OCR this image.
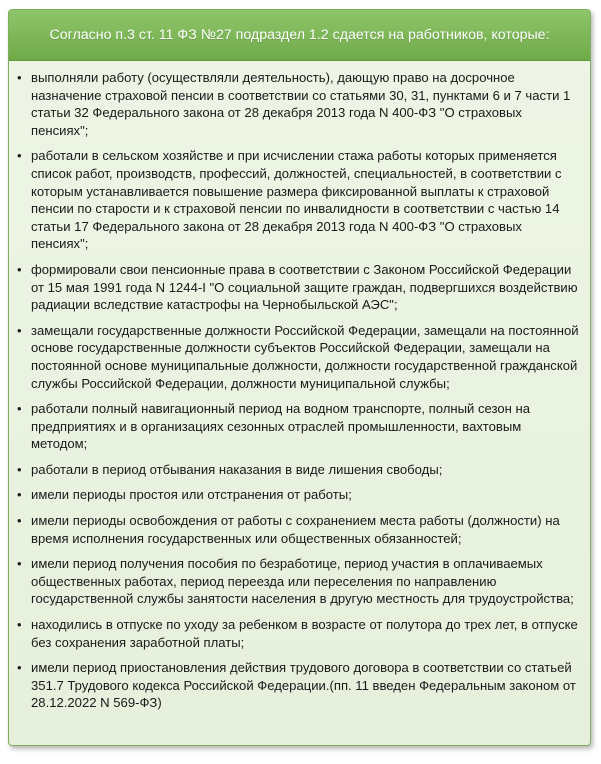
Согласно п.3 ст. 11 ФЗ №27 подраздел 1.2 сдается на работников, которые:
• выполняли работу (осуществляли деятельность), дающую право на досрочное назначение страховой пенсии в соответствии со статьями 30, 31, пунктами 6 и 7 части 1 статьи 32 Федерального закона от 28 декабря 2013 года N 400-ФЗ "О страховых пенсиях";
• работали в сельском хозяйстве и при исчислении стажа работы которых применяется список работ, производств, профессий, должностей, специальностей, в соответствии с которым устанавливается повышение размера фиксированной выплаты к страховой пенсии по старости и к страховой пенсии по инвалидности в соответствии с частью 14 статьи 17 Федерального закона от 28 декабря 2013 года N 400-ФЗ "О страховых пенсиях";
• формировали свои пенсионные права в соответствии с Законом Российской Федерации от 15 мая 1991 года N 1244-I "О социальной защите граждан, подвергшихся воздействию радиации вследствие катастрофы на Чернобыльской АЭС";
• замещали государственные должности Российской Федерации, замещали на постоянной основе государственные должности субъектов Российской Федерации, замещали на постоянной основе муниципальные должности, должности государственной гражданской службы Российской Федерации, должности муниципальной службы;
• работали полный навигационный период на водном транспорте, полный сезон на предприятиях и в организациях сезонных отраслей промышленности, вахтовым методом;
• работали в период отбывания наказания в виде лишения свободы;
• имели периоды простоя или отстранения от работы;
• имели периоды освобождения от работы с сохранением места работы (должности) на время исполнения государственных или общественных обязанностей;
• имели период получения пособия по безработице, период участия в оплачиваемых общественных работах, период переезда или переселения по направлению государственной службы занятости населения в другую местность для трудоустройства;
• находились в отпуске по уходу за ребенком в возрасте от полутора до трех лет, в отпуске без сохранения заработной платы;
• имели период приостановления действия трудового договора в соответствии со статьей 351.7 Трудового кодекса Российской Федерации.(пп. 11 введен Федеральным законом от 28.12.2022 N 569-ФЗ)
